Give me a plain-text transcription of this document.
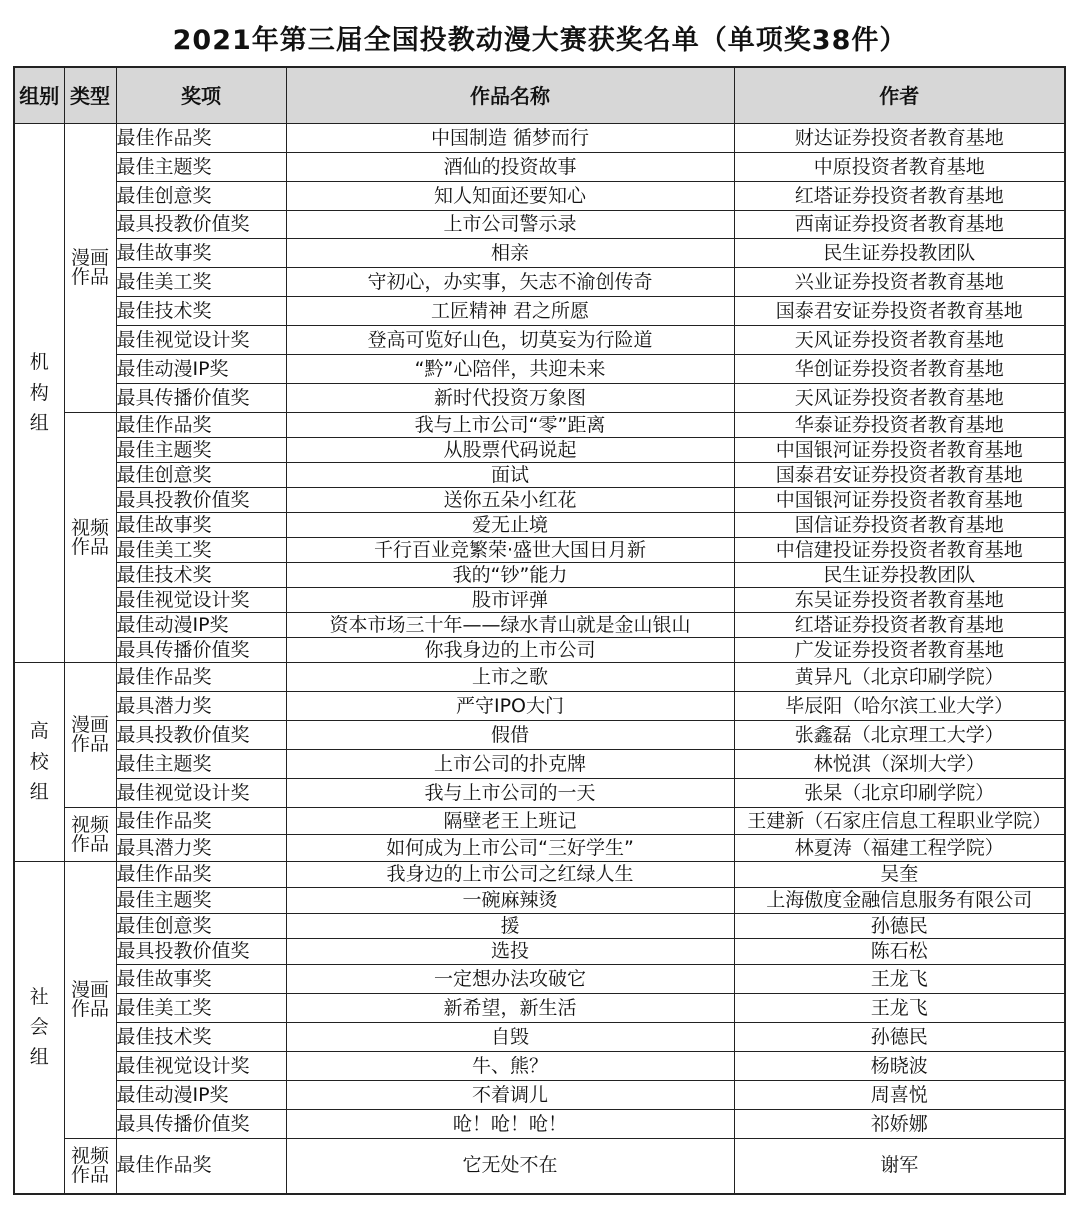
2021年第三届全国投教动漫大赛获奖名单（单项奖38件）
组别	类型	奖项	作品名称	作者

机构组	漫画作品	最佳作品奖	中国制造 循梦而行	财达证券投资者教育基地
		最佳主题奖	酒仙的投资故事	中原投资者教育基地
		最佳创意奖	知人知面还要知心	红塔证券投资者教育基地
		最具投教价值奖	上市公司警示录	西南证券投资者教育基地
		最佳故事奖	相亲	民生证券投教团队
		最佳美工奖	守初心，办实事，矢志不渝创传奇	兴业证券投资者教育基地
		最佳技术奖	工匠精神 君之所愿	国泰君安证券投资者教育基地
		最佳视觉设计奖	登高可览好山色，切莫妄为行险道	天风证券投资者教育基地
		最佳动漫IP奖	“黔”心陪伴，共迎未来	华创证券投资者教育基地
		最具传播价值奖	新时代投资万象图	天风证券投资者教育基地
	视频作品	最佳作品奖	我与上市公司“零”距离	华泰证券投资者教育基地
		最佳主题奖	从股票代码说起	中国银河证券投资者教育基地
		最佳创意奖	面试	国泰君安证券投资者教育基地
		最具投教价值奖	送你五朵小红花	中国银河证券投资者教育基地
		最佳故事奖	爱无止境	国信证券投资者教育基地
		最佳美工奖	千行百业竞繁荣·盛世大国日月新	中信建投证券投资者教育基地
		最佳技术奖	我的“钞”能力	民生证券投教团队
		最佳视觉设计奖	股市评弹	东吴证券投资者教育基地
		最佳动漫IP奖	资本市场三十年——绿水青山就是金山银山	红塔证券投资者教育基地
		最具传播价值奖	你我身边的上市公司	广发证券投资者教育基地

高校组	漫画作品	最佳作品奖	上市之歌	黄异凡（北京印刷学院）
		最具潜力奖	严守IPO大门	毕辰阳（哈尔滨工业大学）
		最具投教价值奖	假借	张鑫磊（北京理工大学）
		最佳主题奖	上市公司的扑克牌	林悦淇（深圳大学）
		最佳视觉设计奖	我与上市公司的一天	张杲（北京印刷学院）
	视频作品	最佳作品奖	隔壁老王上班记	王建新（石家庄信息工程职业学院）
		最具潜力奖	如何成为上市公司“三好学生”	林夏涛（福建工程学院）

社会组	漫画作品	最佳作品奖	我身边的上市公司之红绿人生	吴奎
		最佳主题奖	一碗麻辣烫	上海傲度金融信息服务有限公司
		最佳创意奖	援	孙德民
		最具投教价值奖	选投	陈石松
		最佳故事奖	一定想办法攻破它	王龙飞
		最佳美工奖	新希望，新生活	王龙飞
		最佳技术奖	自毁	孙德民
		最佳视觉设计奖	牛、熊？	杨晓波
		最佳动漫IP奖	不着调儿	周喜悦
		最具传播价值奖	呛！呛！呛！	祁娇娜
	视频作品	最佳作品奖	它无处不在	谢军
